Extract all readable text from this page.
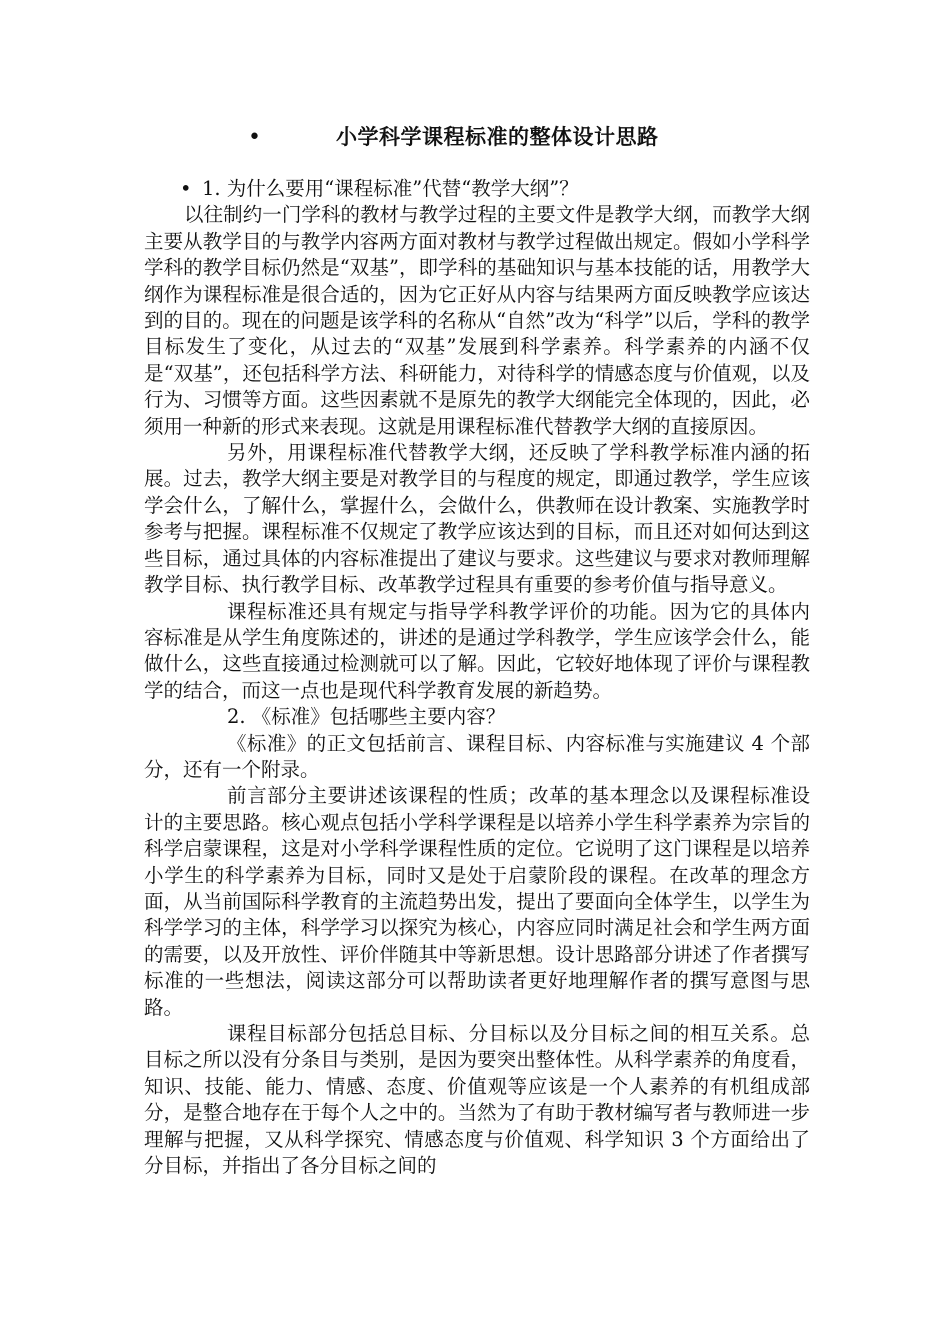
•	小学科学课程标准的整体设计思路

• 1. 为什么要用“课程标准”代替“教学大纲”？

以往制约一门学科的教材与教学过程的主要文件是教学大纲，而教学大纲主要从教学目的与教学内容两方面对教材与教学过程做出规定。假如小学科学学科的教学目标仍然是“双基”，即学科的基础知识与基本技能的话，用教学大纲作为课程标准是很合适的，因为它正好从内容与结果两方面反映教学应该达到的目的。现在的问题是该学科的名称从“自然”改为“科学”以后，学科的教学目标发生了变化，从过去的“双基”发展到科学素养。科学素养的内涵不仅是“双基”，还包括科学方法、科研能力，对待科学的情感态度与价值观，以及行为、习惯等方面。这些因素就不是原先的教学大纲能完全体现的，因此，必须用一种新的形式来表现。这就是用课程标准代替教学大纲的直接原因。

另外，用课程标准代替教学大纲，还反映了学科教学标准内涵的拓展。过去，教学大纲主要是对教学目的与程度的规定，即通过教学，学生应该学会什么，了解什么，掌握什么，会做什么，供教师在设计教案、实施教学时参考与把握。课程标准不仅规定了教学应该达到的目标，而且还对如何达到这些目标，通过具体的内容标准提出了建议与要求。这些建议与要求对教师理解教学目标、执行教学目标、改革教学过程具有重要的参考价值与指导意义。

课程标准还具有规定与指导学科教学评价的功能。因为它的具体内容标准是从学生角度陈述的，讲述的是通过学科教学，学生应该学会什么，能做什么，这些直接通过检测就可以了解。因此，它较好地体现了评价与课程教学的结合，而这一点也是现代科学教育发展的新趋势。

2. 《标准》包括哪些主要内容？

《标准》的正文包括前言、课程目标、内容标准与实施建议 4 个部分，还有一个附录。

前言部分主要讲述该课程的性质；改革的基本理念以及课程标准设计的主要思路。核心观点包括小学科学课程是以培养小学生科学素养为宗旨的科学启蒙课程，这是对小学科学课程性质的定位。它说明了这门课程是以培养小学生的科学素养为目标，同时又是处于启蒙阶段的课程。在改革的理念方面，从当前国际科学教育的主流趋势出发，提出了要面向全体学生，以学生为科学学习的主体，科学学习以探究为核心，内容应同时满足社会和学生两方面的需要，以及开放性、评价伴随其中等新思想。设计思路部分讲述了作者撰写标准的一些想法，阅读这部分可以帮助读者更好地理解作者的撰写意图与思路。

课程目标部分包括总目标、分目标以及分目标之间的相互关系。总目标之所以没有分条目与类别，是因为要突出整体性。从科学素养的角度看，知识、技能、能力、情感、态度、价值观等应该是一个人素养的有机组成部分，是整合地存在于每个人之中的。当然为了有助于教材编写者与教师进一步理解与把握，又从科学探究、情感态度与价值观、科学知识 3 个方面给出了分目标，并指出了各分目标之间的
